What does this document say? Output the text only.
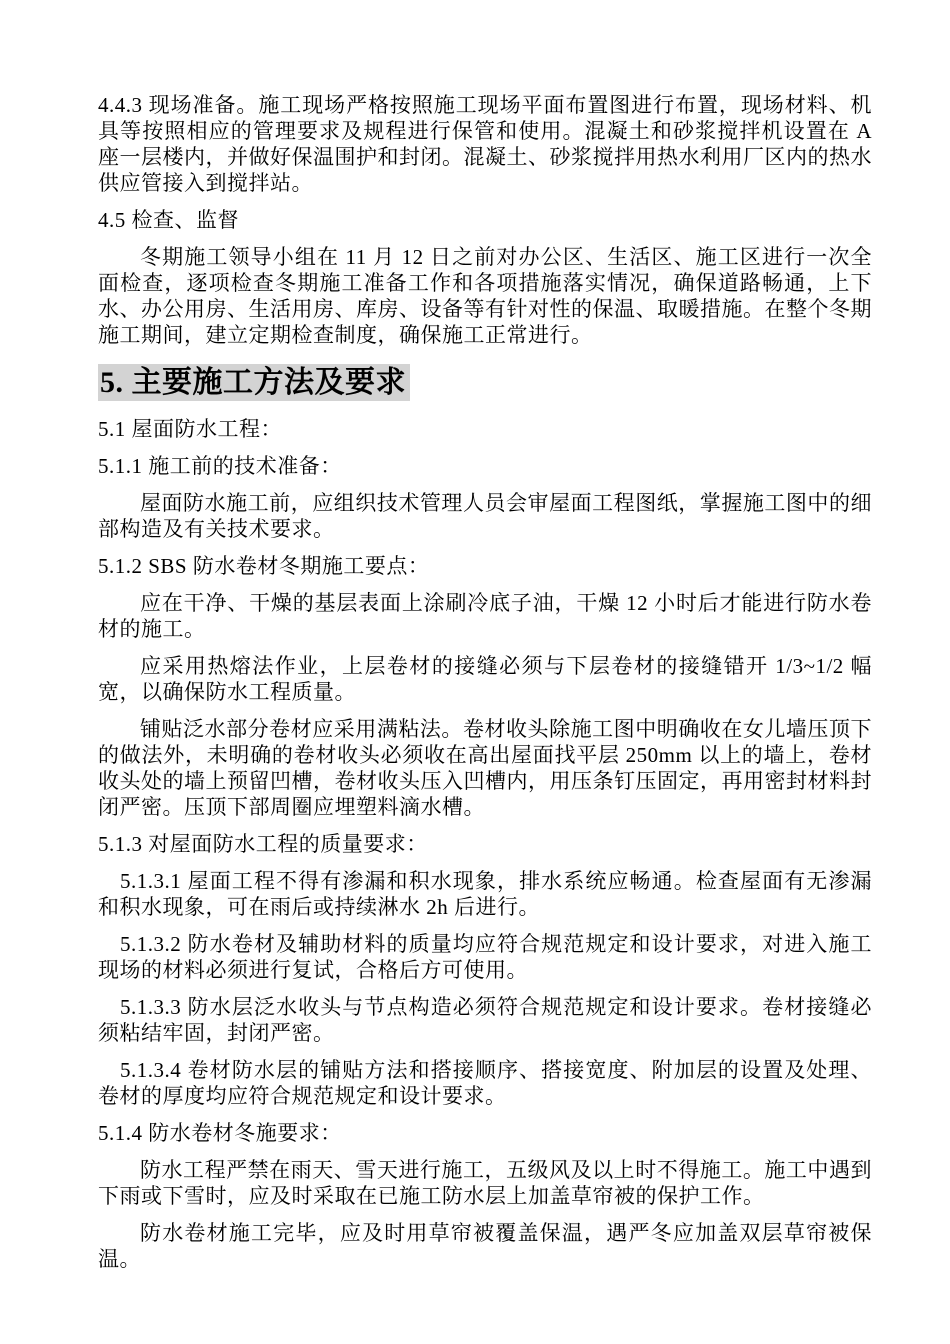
4.4.3 现场准备。施工现场严格按照施工现场平面布置图进行布置，现场材料、机具等按照相应的管理要求及规程进行保管和使用。混凝土和砂浆搅拌机设置在 A 座一层楼内，并做好保温围护和封闭。混凝土、砂浆搅拌用热水利用厂区内的热水供应管接入到搅拌站。

4.5 检查、监督

冬期施工领导小组在 11 月 12 日之前对办公区、生活区、施工区进行一次全面检查，逐项检查冬期施工准备工作和各项措施落实情况，确保道路畅通，上下水、办公用房、生活用房、库房、设备等有针对性的保温、取暖措施。在整个冬期施工期间，建立定期检查制度，确保施工正常进行。

5. 主要施工方法及要求

5.1 屋面防水工程：

5.1.1 施工前的技术准备：

屋面防水施工前，应组织技术管理人员会审屋面工程图纸，掌握施工图中的细部构造及有关技术要求。

5.1.2 SBS 防水卷材冬期施工要点：

应在干净、干燥的基层表面上涂刷冷底子油，干燥 12 小时后才能进行防水卷材的施工。

应采用热熔法作业，上层卷材的接缝必须与下层卷材的接缝错开 1/3~1/2 幅宽，以确保防水工程质量。

铺贴泛水部分卷材应采用满粘法。卷材收头除施工图中明确收在女儿墙压顶下的做法外，未明确的卷材收头必须收在高出屋面找平层 250mm 以上的墙上，卷材收头处的墙上预留凹槽，卷材收头压入凹槽内，用压条钉压固定，再用密封材料封闭严密。压顶下部周圈应埋塑料滴水槽。

5.1.3 对屋面防水工程的质量要求：

5.1.3.1 屋面工程不得有渗漏和积水现象，排水系统应畅通。检查屋面有无渗漏和积水现象，可在雨后或持续淋水 2h 后进行。

5.1.3.2 防水卷材及辅助材料的质量均应符合规范规定和设计要求，对进入施工现场的材料必须进行复试，合格后方可使用。

5.1.3.3 防水层泛水收头与节点构造必须符合规范规定和设计要求。卷材接缝必须粘结牢固，封闭严密。

5.1.3.4 卷材防水层的铺贴方法和搭接顺序、搭接宽度、附加层的设置及处理、卷材的厚度均应符合规范规定和设计要求。

5.1.4 防水卷材冬施要求：

防水工程严禁在雨天、雪天进行施工，五级风及以上时不得施工。施工中遇到下雨或下雪时，应及时采取在已施工防水层上加盖草帘被的保护工作。

防水卷材施工完毕，应及时用草帘被覆盖保温，遇严冬应加盖双层草帘被保温。
